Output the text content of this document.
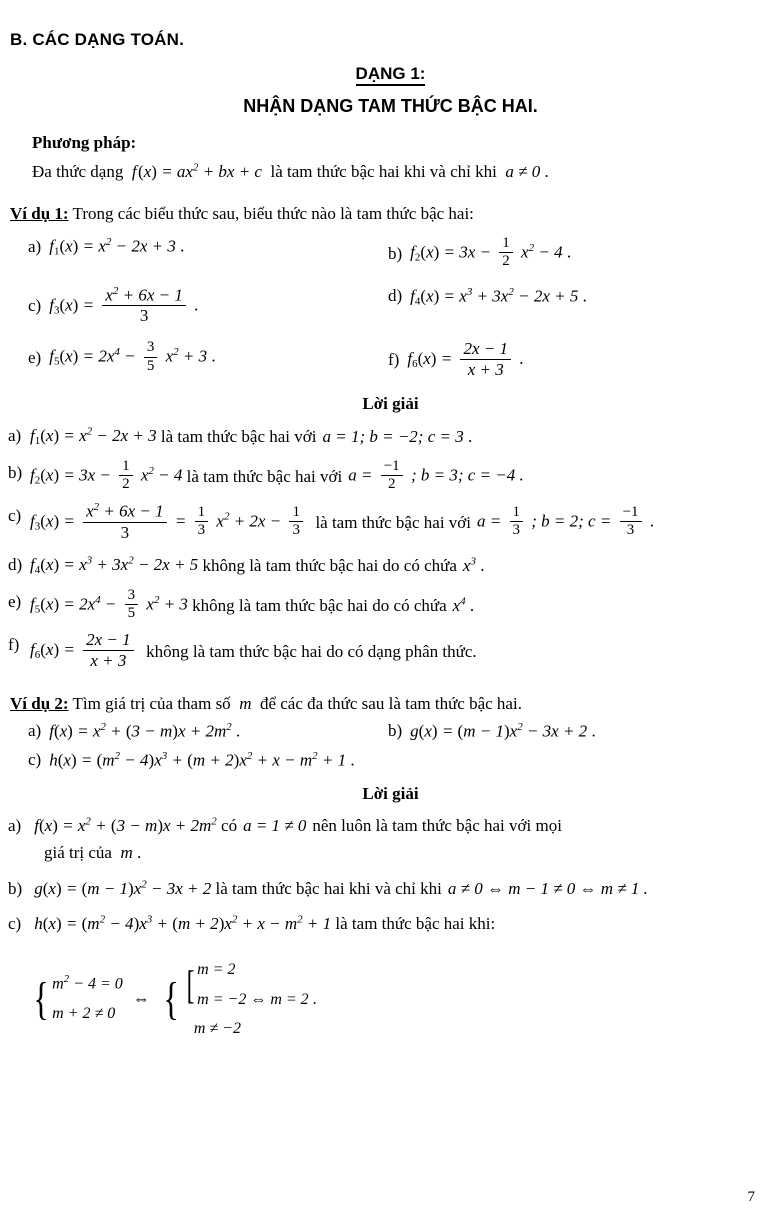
B. CÁC DẠNG TOÁN.
DẠNG 1:
NHẬN DẠNG TAM THỨC BẬC HAI.
Phương pháp:
Đa thức dạng  f $(x) = ax^2$ + bx + c  là tam thức bậc hai khi và chỉ khi  a ≠ 0 .
Ví dụ 1: Trong các biểu thức sau, biểu thức nào là tam thức bậc hai:
a) $f_1(x) = x^2 - 2x + 3$ .	b) $f_2(x) = 3x - \frac{1}{2} x^2 - 4$ .
c) $f_3(x) = \frac{x^2 + 6x - 1}{3}$ .	d) $f_4(x) = x^3 + 3x^2 - 2x + 5$ .
e) $f_5(x) = 2x^4 - \frac{3}{5} x^2 + 3$ .	f) $f_6(x) = \frac{2x - 1}{x + 3}$ .
Lời giải
a) $f_1(x) = x^2 - 2x + 3$ là tam thức bậc hai với a = 1; b = −2; c = 3 .
b) $f_2(x) = 3x - \frac{1}{2} x^2 - 4$ là tam thức bậc hai với $a = \frac{-1}{2}$ ; b = 3; c = −4 .
c) $f_3(x) = \frac{x^2 + 6x - 1}{3} = \frac{1}{3} x^2 + 2x - \frac{1}{3}$
là tam thức bậc hai với $a = \frac{1}{3}$ ; b = 2; $c = \frac{-1}{3}$ .
d) $f_4(x) = x^3 + 3x^2 - 2x + 5$ không là tam thức bậc hai do có chứa $x^3$ .
e) $f_5(x) = 2x^4 - \frac{3}{5} x^2 + 3$ không là tam thức bậc hai do có chứa $x^4$ .
f) $f_6(x) = \frac{2x - 1}{x + 3}$
không là tam thức bậc hai do có dạng phân thức.
Ví dụ 2: Tìm giá trị của tham số  m  để các đa thức sau là tam thức bậc hai.
a) $f(x) = x^2 + (3 - m)x + 2m^2$ .	b) $g(x) = (m - 1)x^2 - 3x + 2$ .
c) $h(x) = (m^2 - 4)x^3 + (m + 2)x^2 + x - m^2 + 1$ .
Lời giải
a) $f(x) = x^2 + (3 - m)x + 2m^2$ có a = 1 ≠ 0 nên luôn là tam thức bậc hai với mọi
giá trị của  m .
b) $g(x) = (m - 1)x^2 - 3x + 2$ là tam thức bậc hai khi và chỉ khi a ≠ 0 ⇔ m − 1 ≠ 0 ⇔ m ≠ 1 .
c) $h(x) = (m^2 - 4)x^3 + (m + 2)x^2 + x - m^2 + 1$ là tam thức bậc hai khi:
{ $m^2 - 4 = 0$
m + 2 ≠ 0
⇔ { [ m = 2
m = −2 ⇔ m = 2 .
m ≠ −2
7
